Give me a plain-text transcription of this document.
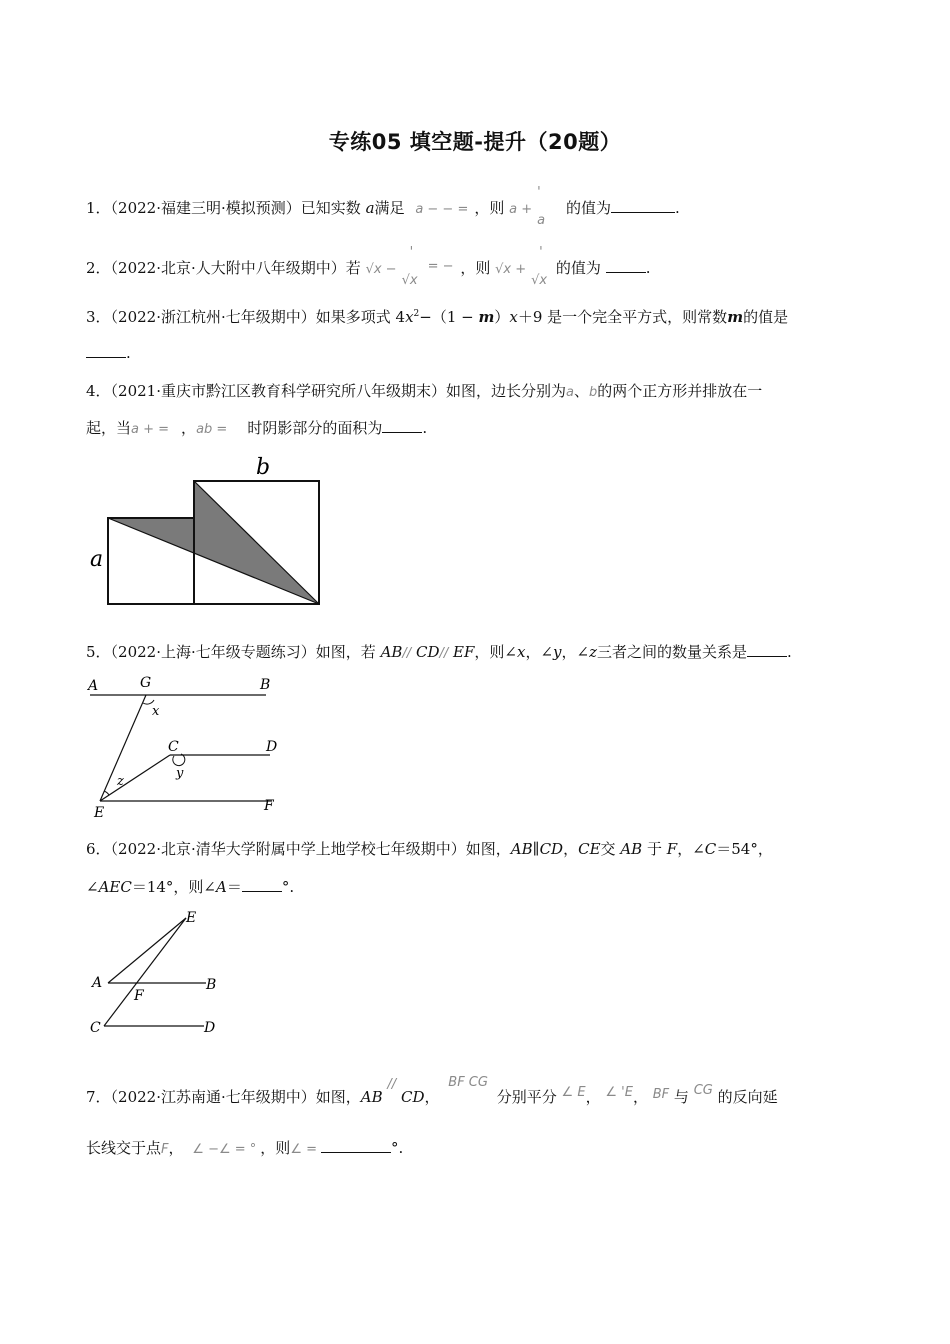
专练05 填空题-提升（20题）
1．（2022·福建三明·模拟预测）已知实数 a满足 a − − = ，则 a +
'
a
的值为	.
2．（2022·北京·人大附中八年级期中）若 √x −
'
√x
= − ，则 √x +
'
√x
的值为	.
3．（2022·浙江杭州·七年级期中）如果多项式 $4x^2-(1 - m)x+9$ 是一个完全平方式，则常数m的值是
.
4．（2021·重庆市黔江区教育科学研究所八年级期末）如图，边长分别为a、b的两个正方形并排放在一
起，当a + = ，ab = 时阴影部分的面积为	.
a
b
5．（2022·上海·七年级专题练习）如图，若 AB// CD// EF，则∠x，∠y，∠z三者之间的数量关系是	.
A	G	B
x
C	D
y
z
E	F
6．（2022·北京·清华大学附属中学上地学校七年级期中）如图，AB∥CD，CE交 AB 于 F，∠C＝54°，
∠AEC＝14°，则∠A＝	°.
E
A	B
F
C	D
7．（2022·江苏南通·七年级期中）如图，AB // CD， BF CG 分别平分 ∠ E， ∠ 'E， BF 与 CG 的反向延
长线交于点F， ∠ −∠ = ° ，则∠ =	°.
